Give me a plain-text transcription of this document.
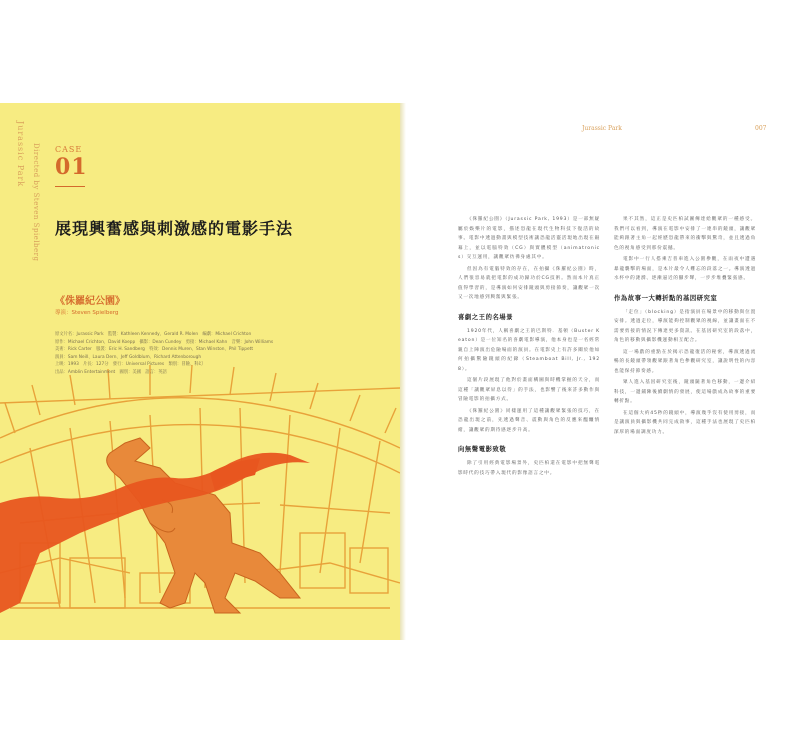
Jurassic Park Directed by Steven Spielberg CASE
01
展現興奮感與刺激感的電影手法
《侏羅紀公園》
導演：Steven Spielberg
原文片名：Jurassic Park　監製：Kathleen Kennedy、Gerald R. Molen　編劇：Michael Crichton
原作：Michael Crichton、David Koepp　攝影：Dean Cundey　剪接：Michael Kahn　音樂：John Williams
美術：Rick Carter　服裝：Eric H. Sandberg　特效：Dennis Muren、Stan Winston、Phil Tippett
演員：Sam Neill、Laura Dern、Jeff Goldblum、Richard Attenborough
上映：1993　片長：127分　發行：Universal Pictures　類別：冒險、科幻
出品：Amblin Entertainment　國別：美國　語言：英語
Jurassic Park	007

《侏羅紀公園》（Jurassic Park, 1993）是一部無疑屬於娛樂片的電影，描述恐龍在現代生物科技下復活的故事。電影中透過動畫與模型技術讓恐龍活靈活現地出現在銀幕上，並以電腦特效（CG）與實體模型（animatronics）交互運用，讓觀眾彷彿身處其中。

但因為有電腦特效的存在，在拍攝《侏羅紀公園》時，人們很容易就把電影的成功歸功於CG技術。然而本片真正值得學習的，是導演如何安排鏡頭與剪接節奏，讓觀眾一次又一次地感到興奮與緊張。

喜劇之王的名場景

1920年代，人稱喜劇之王的巴斯特．基頓（Buster Keaton）是一位知名的喜劇電影導演，他本身也是一名經常親自上陣演出危險場面的演員。在電影史上有許多關於他如何拍攝驚險鏡頭的紀錄（Steamboat Bill, Jr., 1928）。

這個片段展現了他對於畫面構圖與時機掌握的天分，而這種「讓觀眾屏息以待」的手法，也影響了後來許多動作與冒險電影的拍攝方式。

《侏羅紀公園》同樣運用了這種讓觀眾緊張的技巧，在恐龍出現之前，先透過聲音、震動與角色的反應來醞釀情緒，讓觀眾的期待感逐步升高。

向無聲電影致敬

除了引用經典電影場景外，史匹柏還在電影中把無聲電影時代的技巧帶入現代的影像語言之中。

果不其然，這正是史匹柏試圖傳達給觀眾的一種感受。我們可以看到，導演在電影中安排了一連串的鏡頭，讓觀眾能夠跟著主角一起經歷恐龍帶來的衝擊與驚奇，並且透過角色的視角感受到那份震撼。

電影中一行人搭乘吉普車進入公園參觀，在雨夜中遭遇暴龍襲擊的場面，是本片最令人難忘的段落之一。導演透過水杯中的漣漪、逐漸逼近的腳步聲，一步步堆疊緊張感。

作為故事一大轉折點的基因研究室

「走位」（blocking）是指演員在場景中的移動與位置安排。透過走位，導演能夠控制觀眾的視線，並讓畫面在不需要剪接的情況下傳達更多資訊。在基因研究室的段落中，角色的移動與攝影機運動相互配合。

這一場戲的重點在於揭示恐龍復活的秘密，導演透過流暢的長鏡頭帶領觀眾跟著角色參觀研究室，讓說明性的內容也能保持節奏感。

眾人進入基因研究室後，鏡頭隨著角色移動，一邊介紹科技，一邊鋪陳後續劇情的發展，使這場戲成為故事的重要轉折點。

在這個大約45秒的鏡頭中，導演幾乎沒有使用剪接，而是讓演員與攝影機共同完成敘事，這種手法也展現了史匹柏深厚的場面調度功力。
